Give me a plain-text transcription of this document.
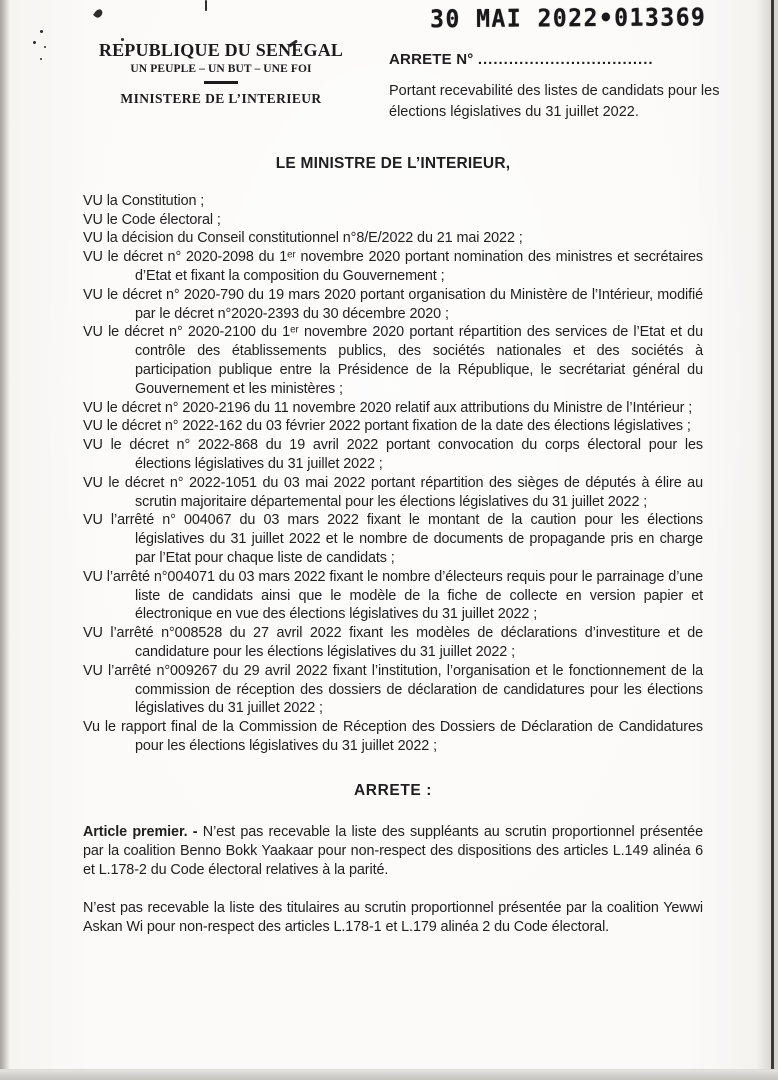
30 MAI 2022•013369
REPUBLIQUE DU SENEGAL
UN PEUPLE – UN BUT – UNE FOI
MINISTERE DE L’INTERIEUR
ARRETE N° ..................................
Portant recevabilité des listes de candidats pour les élections législatives du 31 juillet 2022.

LE MINISTRE DE L’INTERIEUR,

VU la Constitution ;

VU le Code électoral ;

VU la décision du Conseil constitutionnel n°8/E/2022 du 21 mai 2022 ;

VU le décret n° 2020-2098 du 1ᵉʳ novembre 2020 portant nomination des ministres et secrétaires d’Etat et fixant la composition du Gouvernement ;

VU le décret n° 2020-790 du 19 mars 2020 portant organisation du Ministère de l’Intérieur, modifié par le décret n°2020-2393 du 30 décembre 2020 ;

VU le décret n° 2020-2100 du 1ᵉʳ novembre 2020 portant répartition des services de l’Etat et du contrôle des établissements publics, des sociétés nationales et des sociétés à participation publique entre la Présidence de la République, le secrétariat général du Gouvernement et les ministères ;

VU le décret n° 2020-2196 du 11 novembre 2020 relatif aux attributions du Ministre de l’Intérieur ;

VU le décret n° 2022-162 du 03 février 2022 portant fixation de la date des élections législatives ;

VU le décret n° 2022-868 du 19 avril 2022 portant convocation du corps électoral pour les élections législatives du 31 juillet 2022 ;

VU le décret n° 2022-1051 du 03 mai 2022 portant répartition des sièges de députés à élire au scrutin majoritaire départemental pour les élections législatives du 31 juillet 2022 ;

VU l’arrêté n° 004067 du 03 mars 2022 fixant le montant de la caution pour les élections législatives du 31 juillet 2022 et le nombre de documents de propagande pris en charge par l’Etat pour chaque liste de candidats ;

VU l’arrêté n°004071 du 03 mars 2022 fixant le nombre d’électeurs requis pour le parrainage d’une liste de candidats ainsi que le modèle de la fiche de collecte en version papier et électronique en vue des élections législatives du 31 juillet 2022 ;

VU l’arrêté n°008528 du 27 avril 2022 fixant les modèles de déclarations d’investiture et de candidature pour les élections législatives du 31 juillet 2022 ;

VU l’arrêté n°009267 du 29 avril 2022 fixant l’institution, l’organisation et le fonctionnement de la commission de réception des dossiers de déclaration de candidatures pour les élections législatives du 31 juillet 2022 ;

Vu le rapport final de la Commission de Réception des Dossiers de Déclaration de Candidatures pour les élections législatives du 31 juillet 2022 ;

ARRETE :

Article premier. - N’est pas recevable la liste des suppléants au scrutin proportionnel présentée par la coalition Benno Bokk Yaakaar pour non-respect des dispositions des articles L.149 alinéa 6 et L.178-2 du Code électoral relatives à la parité.

N’est pas recevable la liste des titulaires au scrutin proportionnel présentée par la coalition Yewwi Askan Wi pour non-respect des articles L.178-1 et L.179 alinéa 2 du Code électoral.
